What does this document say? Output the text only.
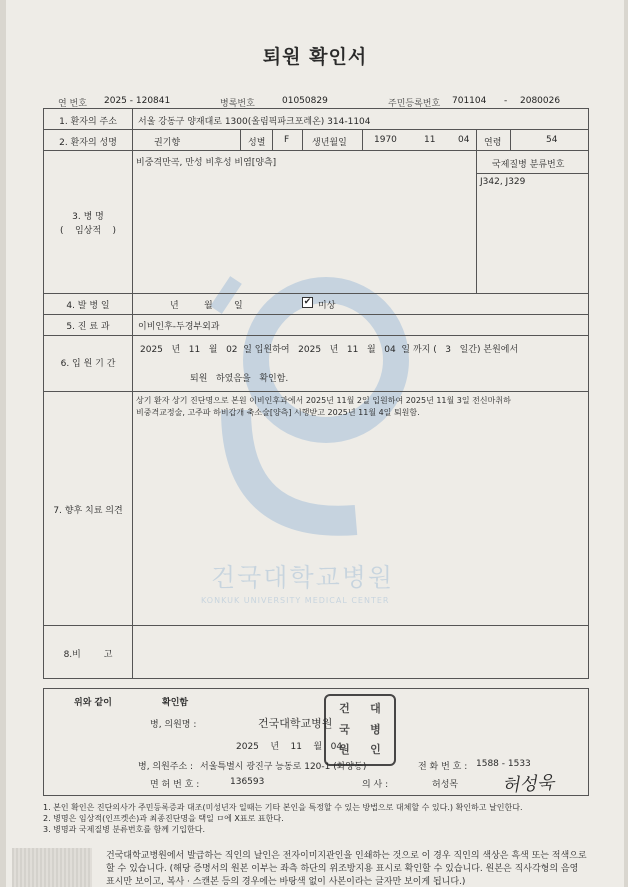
건국대학교병원
KONKUK UNIVERSITY MEDICAL CENTER
퇴원 확인서
연 번호 2025 - 120841	병록번호	01050829	주민등록번호 701104 - 2080026
1. 환자의 주소	서울 강동구 양재대로 1300(올림픽파크포레온) 314-1104
2. 환자의 성명	권기향	성별 F	생년월일	1970	11	04 연령	54
3. 병 명
(    임상적    )
비중격만곡, 만성 비후성 비염[양측]	국제질병 분류번호
J342, J329
4. 발 병 일	년	월 일	✔ 미상
5. 진 료 과	이비인후-두경부외과
6. 입 원 기 간
2025   년   11   월   02  일 입원하여   2025   년   11   월   04  일 까지 (   3   일간) 본원에서
퇴원   하였음을   확인함.
7. 향후 치료 의견
상기 환자 상기 진단명으로 본원 이비인후과에서 2025년 11월 2일 입원하여 2025년 11월 3일 전신마취하
비중격교정술, 고주파 하비갑개 축소술[양측] 시행받고 2025년 11월 4일 퇴원함.
8.비        고
위와 같이	확인함
병, 의원명 :	건국대학교병원
2025    년    11    월   04
병, 의원주소 : 서울특별시 광진구 능동로 120-1 (화양동)	전 화 번 호 : 1588 - 1533
면 허 번 호 :	136593	의 사 :	허성목
건	대
국	병
원	인
허성욱
1. 본인 확인은 진단의사가 주민등록증과 대조(미성년자 일때는 기타 본인을 특정할 수 있는 방법으로 대체할 수 있다.) 확인하고 날인한다.
2. 병명은 임상적(인프켓손)과 최종진단명을 택일 ㅁ에 X표로 표한다.
3. 병명과 국제질병 분류번호를 함께 기입한다.
건국대학교병원에서 발급하는 직인의 날인은 전자이미지관인을 인쇄하는 것으로 이 경우 직인의 색상은 흑색 또는 적색으로
할 수 있습니다. (해당 증명서의 원본 이부는 좌측 하단의 위조방지용 표시로 확인할 수 있습니다. 원본은 직사각형의 음영
표시만 보이고, 복사 · 스캔본 등의 경우에는 바탕색 없이 사본이라는 글자만 보이게 됩니다.)
